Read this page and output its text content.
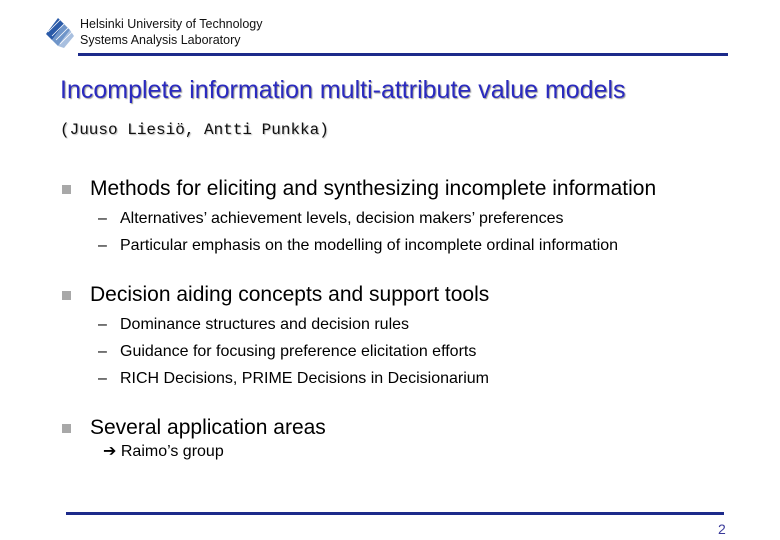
Helsinki University of Technology
Systems Analysis Laboratory
Incomplete information multi-attribute value models
(Juuso Liesiö, Antti Punkka)
Methods for eliciting and synthesizing incomplete information
– Alternatives’ achievement levels, decision makers’ preferences
– Particular emphasis on the modelling of incomplete ordinal information
Decision aiding concepts and support tools
– Dominance structures and decision rules
– Guidance for focusing preference elicitation efforts
– RICH Decisions, PRIME Decisions in Decisionarium
Several application areas
➔ Raimo’s group
2
